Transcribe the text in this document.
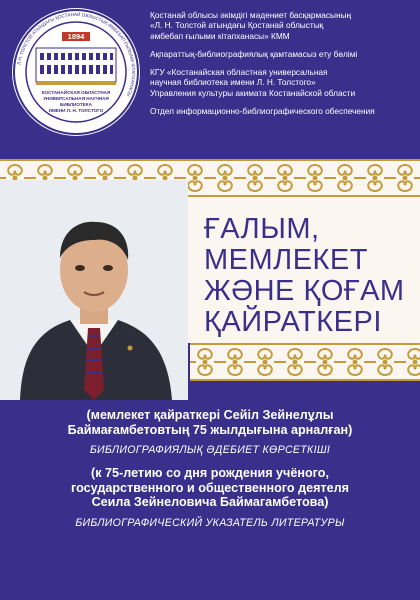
Л.Н. ТОЛСТОЙ АТЫНДАҒЫ ҚОСТАНАЙ ОБЛЫСТЫҚ ӘМБЕБАП ҒЫЛЫМИ КІТАПХАНАСЫ
1894
КОСТАНАЙСКАЯ ОБЛАСТНАЯ
УНИВЕРСАЛЬНАЯ НАУЧНАЯ
БИБЛИОТЕКА
ИМЕНИ Л. Н. ТОЛСТОГО

Қостанай облысы әкімдігі мәдениет басқармасының
«Л. Н. Толстой атындағы Қостанай облыстық
әмбебап ғылыми кітапханасы» КММ

Ақпараттық-библиографиялық қамтамасыз ету бөлімі

КГУ «Костанайская областная универсальная
научная библиотека имени Л. Н. Толстого»
Управления культуры акимата Костанайской области

Отдел информационно-библиографического обеспечения

ҒАЛЫМ,
МЕМЛЕКЕТ
ЖӘНЕ ҚОҒАМ
ҚАЙРАТКЕРІ
(мемлекет қайраткері Сейіл Зейнелұлы
Баймағамбетовтың 75 жылдығына арналған)
БИБЛИОГРАФИЯЛЫҚ ӘДЕБИЕТ КӨРСЕТКІШІ
(к 75-летию со дня рождения учёного,
государственного и общественного деятеля
Сеила Зейнеловича Баймагамбетова)
БИБЛИОГРАФИЧЕСКИЙ УКАЗАТЕЛЬ ЛИТЕРАТУРЫ
